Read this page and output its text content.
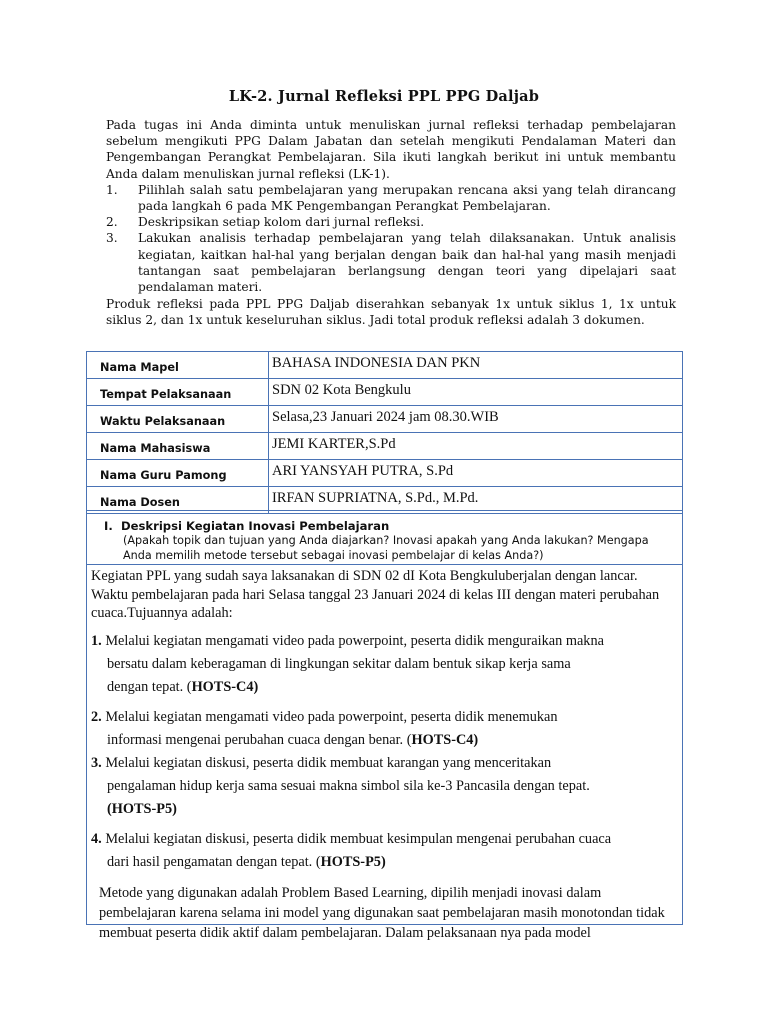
LK-2. Jurnal Refleksi PPL PPG Daljab

Pada tugas ini Anda diminta untuk menuliskan jurnal refleksi terhadap pembelajaran sebelum mengikuti PPG Dalam Jabatan dan setelah mengikuti Pendalaman Materi dan Pengembangan Perangkat Pembelajaran. Sila ikuti langkah berikut ini untuk membantu Anda dalam menuliskan jurnal refleksi (LK-1).

1. Pilihlah salah satu pembelajaran yang merupakan rencana aksi yang telah dirancang pada langkah 6 pada MK Pengembangan Perangkat Pembelajaran.
2. Deskripsikan setiap kolom dari jurnal refleksi.
3. Lakukan analisis terhadap pembelajaran yang telah dilaksanakan. Untuk analisis kegiatan, kaitkan hal-hal yang berjalan dengan baik dan hal-hal yang masih menjadi tantangan saat pembelajaran berlangsung dengan teori yang dipelajari saat pendalaman materi.

Produk refleksi pada PPL PPG Daljab diserahkan sebanyak 1x untuk siklus 1, 1x untuk siklus 2, dan 1x untuk keseluruhan siklus. Jadi total produk refleksi adalah 3 dokumen.

Nama Mapel	BAHASA INDONESIA DAN PKN
Tempat Pelaksanaan	SDN 02 Kota Bengkulu
Waktu Pelaksanaan	Selasa,23 Januari 2024 jam 08.30.WIB
Nama Mahasiswa	JEMI KARTER,S.Pd
Nama Guru Pamong	ARI YANSYAH PUTRA, S.Pd
Nama Dosen	IRFAN SUPRIATNA, S.Pd., M.Pd.
I. Deskripsi Kegiatan Inovasi Pembelajaran
(Apakah topik dan tujuan yang Anda diajarkan? Inovasi apakah yang Anda lakukan? Mengapa Anda memilih metode tersebut sebagai inovasi pembelajar di kelas Anda?)
Kegiatan PPL yang sudah saya laksanakan di SDN 02 dI Kota Bengkuluberjalan dengan lancar. Waktu pembelajaran pada hari Selasa tanggal 23 Januari 2024 di kelas III dengan materi perubahan cuaca.Tujuannya adalah:
1. Melalui kegiatan mengamati video pada powerpoint, peserta didik menguraikan makna
bersatu dalam keberagaman di lingkungan sekitar dalam bentuk sikap kerja sama
dengan tepat. (HOTS-C4)
2. Melalui kegiatan mengamati video pada powerpoint, peserta didik menemukan
informasi mengenai perubahan cuaca dengan benar. (HOTS-C4)
3. Melalui kegiatan diskusi, peserta didik membuat karangan yang menceritakan
pengalaman hidup kerja sama sesuai makna simbol sila ke-3 Pancasila dengan tepat.
(HOTS-P5)
4. Melalui kegiatan diskusi, peserta didik membuat kesimpulan mengenai perubahan cuaca
dari hasil pengamatan dengan tepat. (HOTS-P5)
Metode yang digunakan adalah Problem Based Learning, dipilih menjadi inovasi dalam pembelajaran karena selama ini model yang digunakan saat pembelajaran masih monotondan tidak membuat peserta didik aktif dalam pembelajaran. Dalam pelaksanaan nya pada model
